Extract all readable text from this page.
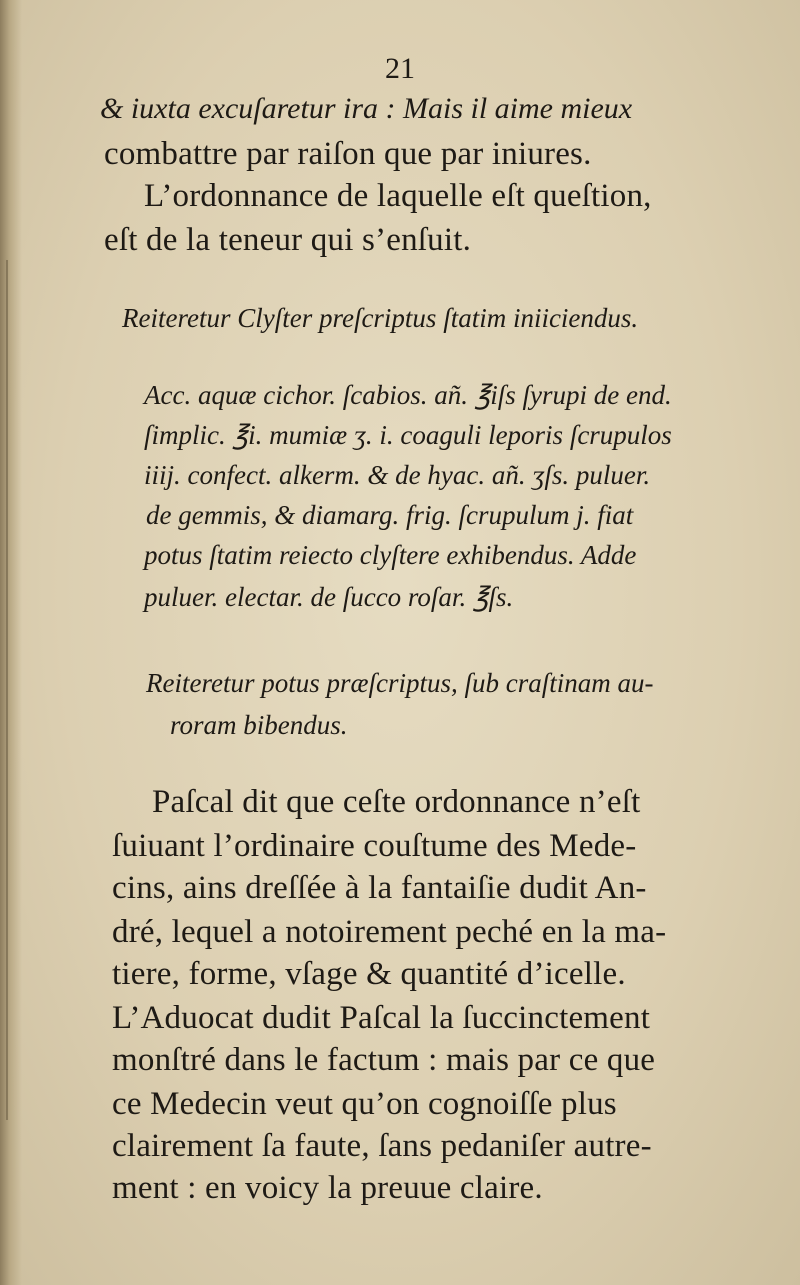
21
& iuxta excuſaretur ira : Mais il aime mieux
combattre par raiſon que par iniures.
L’ordonnance de laquelle eſt queſtion,
eſt de la teneur qui s’enſuit.
Reiteretur Clyſter preſcriptus ſtatim iniiciendus.
Acc. aquæ cichor. ſcabios. añ. ℥iſs ſyrupi de end.
ſimplic. ℥i. mumiæ ʒ. i. coaguli leporis ſcrupulos
iiij. confect. alkerm. & de hyac. añ. ʒſs. puluer.
de gemmis, & diamarg. frig. ſcrupulum j. fiat
potus ſtatim reiecto clyſtere exhibendus. Adde
puluer. electar. de ſucco roſar. ℥ſs.
Reiteretur potus præſcriptus, ſub craſtinam au-
roram bibendus.
Paſcal dit que ceſte ordonnance n’eſt
ſuiuant l’ordinaire couſtume des Mede-
cins, ains dreſſée à la fantaiſie dudit An-
dré, lequel a notoirement peché en la ma-
tiere, forme, vſage & quantité d’icelle.
L’Aduocat dudit Paſcal la ſuccinctement
monſtré dans le factum : mais par ce que
ce Medecin veut qu’on cognoiſſe plus
clairement ſa faute, ſans pedaniſer autre-
ment : en voicy la preuue claire.
